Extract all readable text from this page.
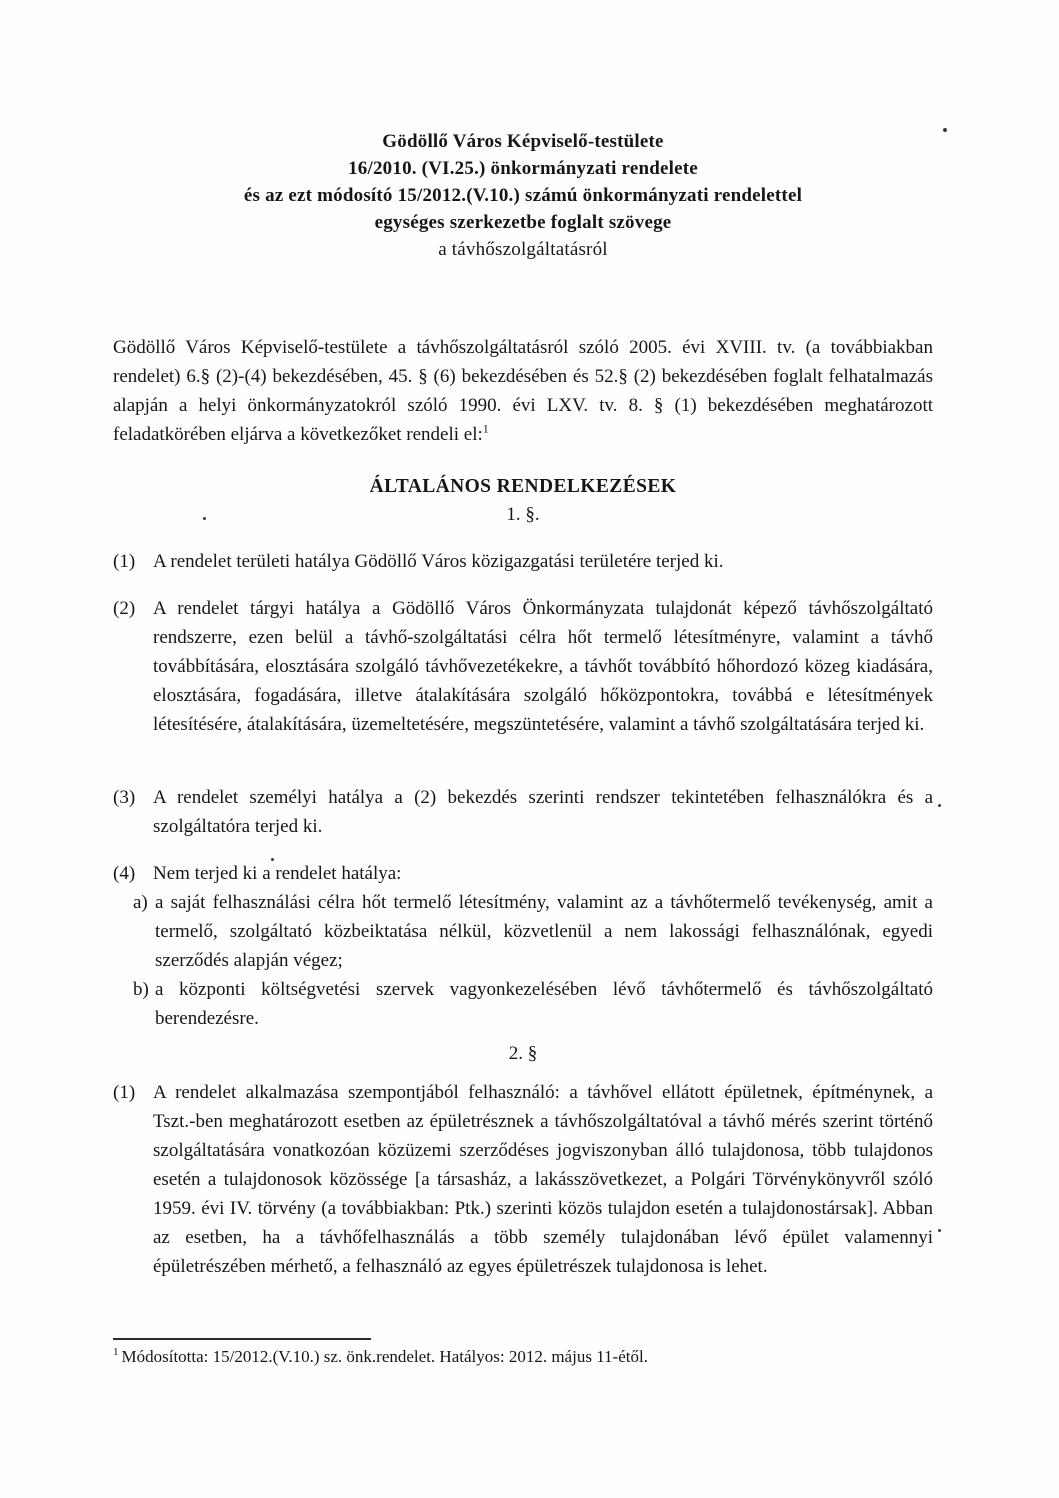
Gödöllő Város Képviselő-testülete
16/2010. (VI.25.) önkormányzati rendelete
és az ezt módosító 15/2012.(V.10.) számú önkormányzati rendelettel
egységes szerkezetbe foglalt szövege
a távhőszolgáltatásról

Gödöllő Város Képviselő-testülete a távhőszolgáltatásról szóló 2005. évi XVIII. tv. (a továbbiakban rendelet) 6.§ (2)-(4) bekezdésében, 45. § (6) bekezdésében és 52.§ (2) bekezdésében foglalt felhatalmazás alapján a helyi önkormányzatokról szóló 1990. évi LXV. tv. 8. § (1) bekezdésében meghatározott feladatkörében eljárva a következőket rendeli el:$^1$

ÁLTALÁNOS RENDELKEZÉSEK
1. §.
(1) A rendelet területi hatálya Gödöllő Város közigazgatási területére terjed ki.
(2) A rendelet tárgyi hatálya a Gödöllő Város Önkormányzata tulajdonát képező távhőszolgáltató rendszerre, ezen belül a távhő-szolgáltatási célra hőt termelő létesítményre, valamint a távhő továbbítására, elosztására szolgáló távhővezetékekre, a távhőt továbbító hőhordozó közeg kiadására, elosztására, fogadására, illetve átalakítására szolgáló hőközpontokra, továbbá e létesítmények létesítésére, átalakítására, üzemeltetésére, megszüntetésére, valamint a távhő szolgáltatására terjed ki.
(3) A rendelet személyi hatálya a (2) bekezdés szerinti rendszer tekintetében felhasználókra és a szolgáltatóra terjed ki.
(4) Nem terjed ki a rendelet hatálya:
a) a saját felhasználási célra hőt termelő létesítmény, valamint az a távhőtermelő tevékenység, amit a termelő, szolgáltató közbeiktatása nélkül, közvetlenül a nem lakossági felhasználónak, egyedi szerződés alapján végez;
b) a központi költségvetési szervek vagyonkezelésében lévő távhőtermelő és távhőszolgáltató berendezésre.
2. §
(1) A rendelet alkalmazása szempontjából felhasználó: a távhővel ellátott épületnek, építménynek, a Tszt.-ben meghatározott esetben az épületrésznek a távhőszolgáltatóval a távhő mérés szerint történő szolgáltatására vonatkozóan közüzemi szerződéses jogviszonyban álló tulajdonosa, több tulajdonos esetén a tulajdonosok közössége [a társasház, a lakásszövetkezet, a Polgári Törvénykönyvről szóló 1959. évi IV. törvény (a továbbiakban: Ptk.) szerinti közös tulajdon esetén a tulajdonostársak]. Abban az esetben, ha a távhőfelhasználás a több személy tulajdonában lévő épület valamennyi épületrészében mérhető, a felhasználó az egyes épületrészek tulajdonosa is lehet.
$^1$ Módosította: 15/2012.(V.10.) sz. önk.rendelet. Hatályos: 2012. május 11-étől.
